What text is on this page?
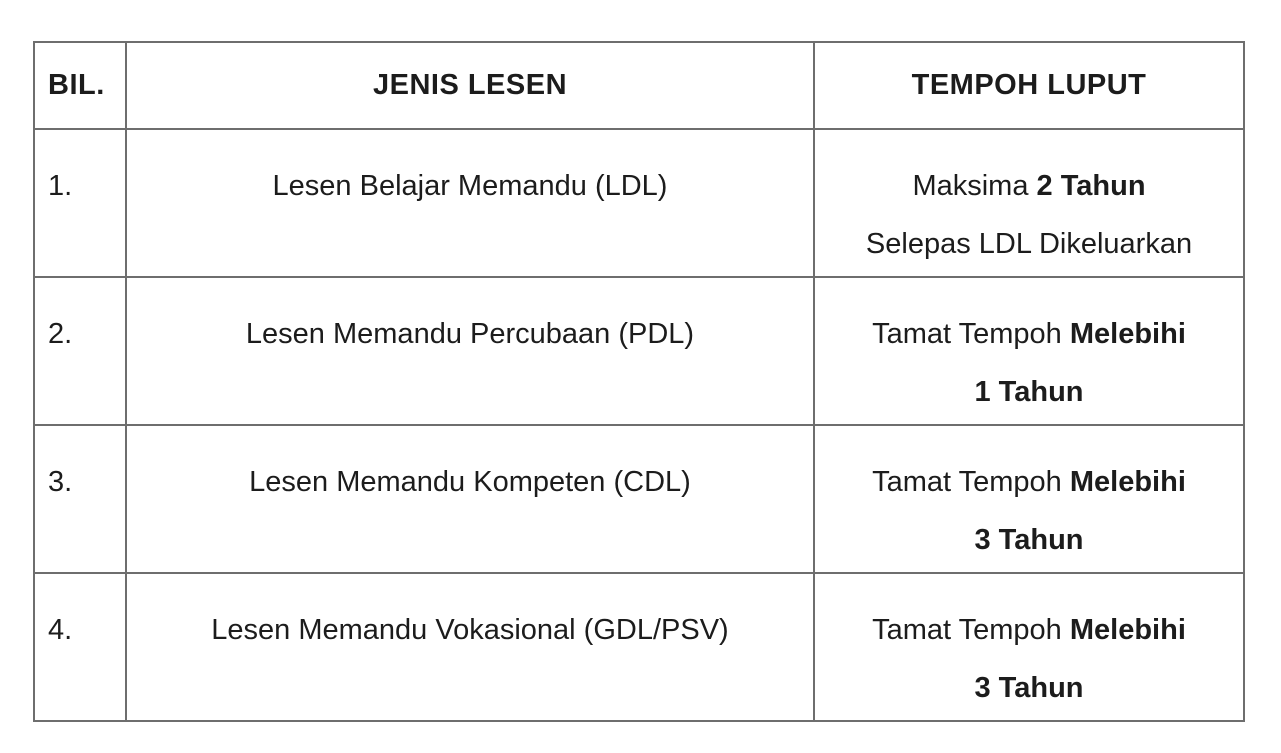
BIL.	JENIS LESEN	TEMPOH LUPUT
1.	Lesen Belajar Memandu (LDL)	Maksima 2 Tahun
Selepas LDL Dikeluarkan

2.	Lesen Memandu Percubaan (PDL)	Tamat Tempoh Melebihi
1 Tahun

3.	Lesen Memandu Kompeten (CDL)	Tamat Tempoh Melebihi
3 Tahun

4.	Lesen Memandu Vokasional (GDL/PSV)	Tamat Tempoh Melebihi
3 Tahun
